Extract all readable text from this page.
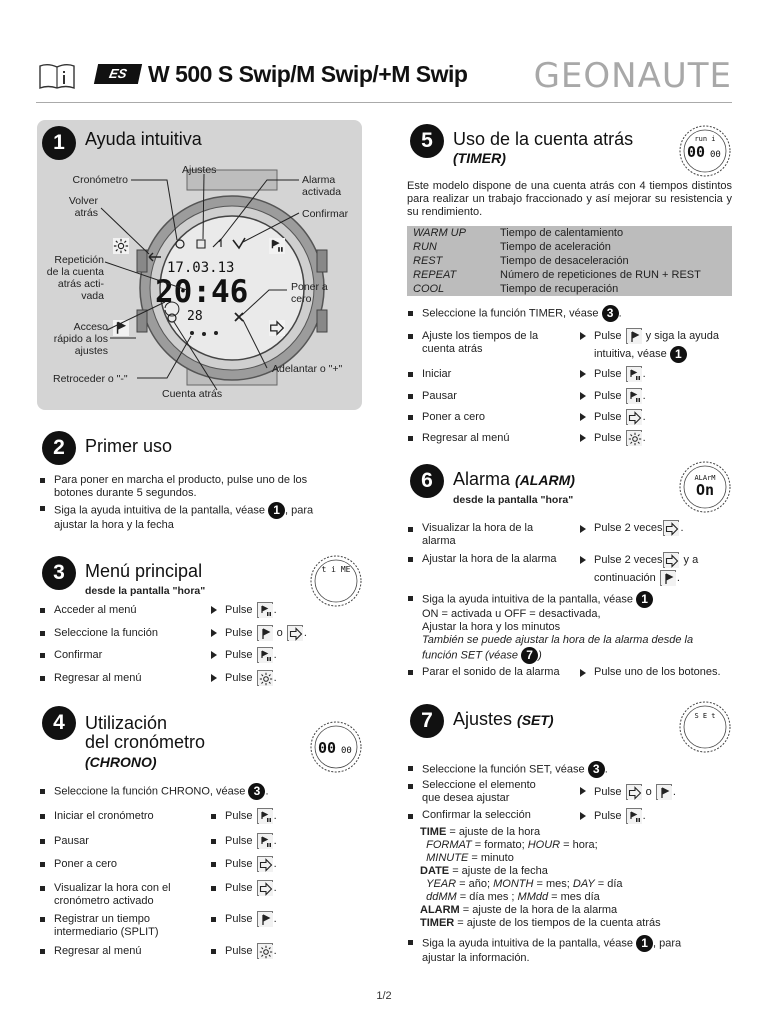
ES W 500 S Swip/M Swip/+M Swip GEONAUTE
1	Ayuda intuitiva
17.03.13
20:46
28
Ajustes
Cronómetro	Alarma
activada
Volver
atrás	Confirmar
Repetición
de la cuenta
atrás acti-
vada
Poner a
cero
Acceso
rápido a los
ajustes
Adelantar o "+"
Retroceder o "-"
Cuenta atrás
2	Primer uso
Para poner en marcha el producto, pulse uno de los botones durante 5 segundos.
Siga la ayuda intuitiva de la pantalla, véase 1 , para
ajustar la hora y la fecha
3	Menú principal
desde la pantalla "hora"
t i ME
Acceder al menú	Pulse .
Seleccione la función	Pulse o .
Confirmar	Pulse .
Regresar al menú	Pulse .
4	Utilización
del cronómetro
(CHRONO)
00 00
Seleccione la función CHRONO, véase 3 .
Iniciar el cronómetro	Pulse .
Pausar	Pulse .
Poner a cero	Pulse .
Visualizar la hora con el
cronómetro activado
Pulse .
Registrar un tiempo
intermediario (SPLIT)
Pulse .
Regresar al menú	Pulse .
5	Uso de la cuenta atrás
(TIMER)
run i
00 00
Este modelo dispone de una cuenta atrás con 4 tiempos distintos para realizar un trabajo fraccionado y así mejorar su resistencia y su rendimiento.
WARM UP	Tiempo de calentamiento
RUN	Tiempo de aceleración
REST	Tiempo de desaceleración
REPEAT	Número de repeticiones de RUN + REST
COOL	Tiempo de recuperación
Seleccione la función TIMER, véase 3 .
Ajuste los tiempos de la
cuenta atrás
Pulse y siga la ayuda
intuitiva, véase 1
Iniciar	Pulse .
Pausar	Pulse .
Poner a cero	Pulse .
Regresar al menú	Pulse .
6	Alarma (ALARM)
desde la pantalla "hora"
ALArM
On
Visualizar la hora de la
alarma
Pulse 2 veces .
Ajustar la hora de la alarma	Pulse 2 veces y a
continuación .
Siga la ayuda intuitiva de la pantalla, véase 1
ON = activada u OFF = desactivada,
Ajustar la hora y los minutos
También se puede ajustar la hora de la alarma desde la
función SET (véase 7 )
Parar el sonido de la alarma	Pulse uno de los botones.
7	Ajustes (SET)	S E t
Seleccione la función SET, véase 3 .
Seleccione el elemento
que desea ajustar
Pulse o .
Confirmar la selección	Pulse .
TIME = ajuste de la hora
FORMAT = formato; HOUR = hora;
MINUTE = minuto
DATE = ajuste de la fecha
YEAR = año; MONTH = mes; DAY = día
ddMM = día mes ; MMdd = mes día
ALARM = ajuste de la hora de la alarma
TIMER = ajuste de los tiempos de la cuenta atrás
Siga la ayuda intuitiva de la pantalla, véase 1 , para
ajustar la información.
1/2
